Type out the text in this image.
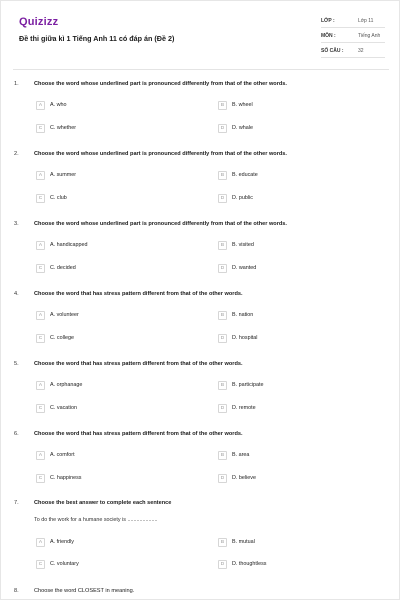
Quizizz
Đề thi giữa kì 1 Tiếng Anh 11 có đáp án (Đề 2)
LỚP :	Lớp 11
MÔN :	Tiếng Anh
SỐ CÂU :	32
1.	Choose the word whose underlined part is pronounced differently from that of the other words.
A	A. who	B	B. wheel
C	C. whether	D	D. whale
2.	Choose the word whose underlined part is pronounced differently from that of the other words.
A	A. summer	B	B. educate
C	C. club	D	D. public
3.	Choose the word whose underlined part is pronounced differently from that of the other words.
A	A. handicapped	B	B. visited
C	C. decided	D	D. wanted
4.	Choose the word that has stress pattern different from that of the other words.
A	A. volunteer	B	B. nation
C	C. college	D	D. hospital
5.	Choose the word that has stress pattern different from that of the other words.
A	A. orphanage	B	B. participate
C	C. vacation	D	D. remote
6.	Choose the word that has stress pattern different from that of the other words.
A	A. comfort	B	B. area
C	C. happiness	D	D. believe
7.	Choose the best answer to complete each sentence
To do the work for a humane society is ....................
A	A. friendly	B	B. mutual
C	C. voluntary	D	D. thoughtless
8.	Choose the word CLOSEST in meaning.
